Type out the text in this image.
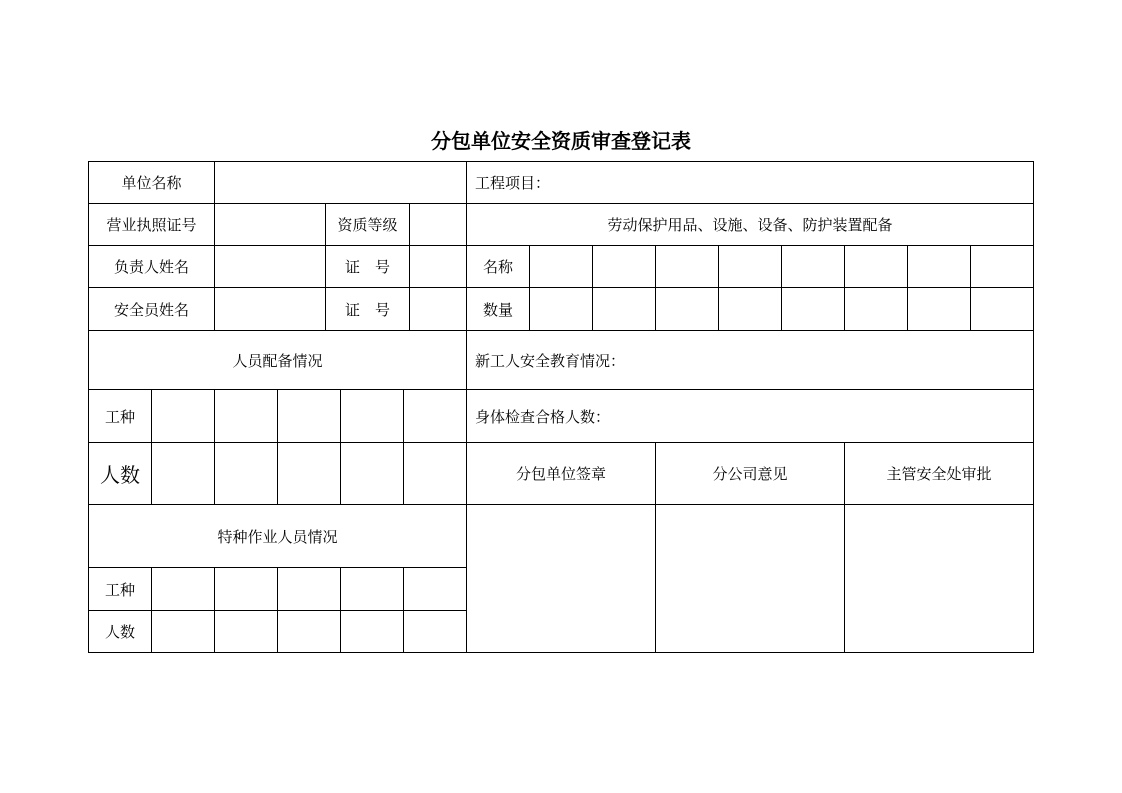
分包单位安全资质审查登记表
单位名称	工程项目：
营业执照证号	资质等级	劳动保护用品、设施、设备、防护装置配备
负责人姓名	证　号	名称
安全员姓名	证　号	数量
人员配备情况	新工人安全教育情况：
工种	身体检查合格人数：
人数	分包单位签章	分公司意见	主管安全处审批
特种作业人员情况
工种
人数
